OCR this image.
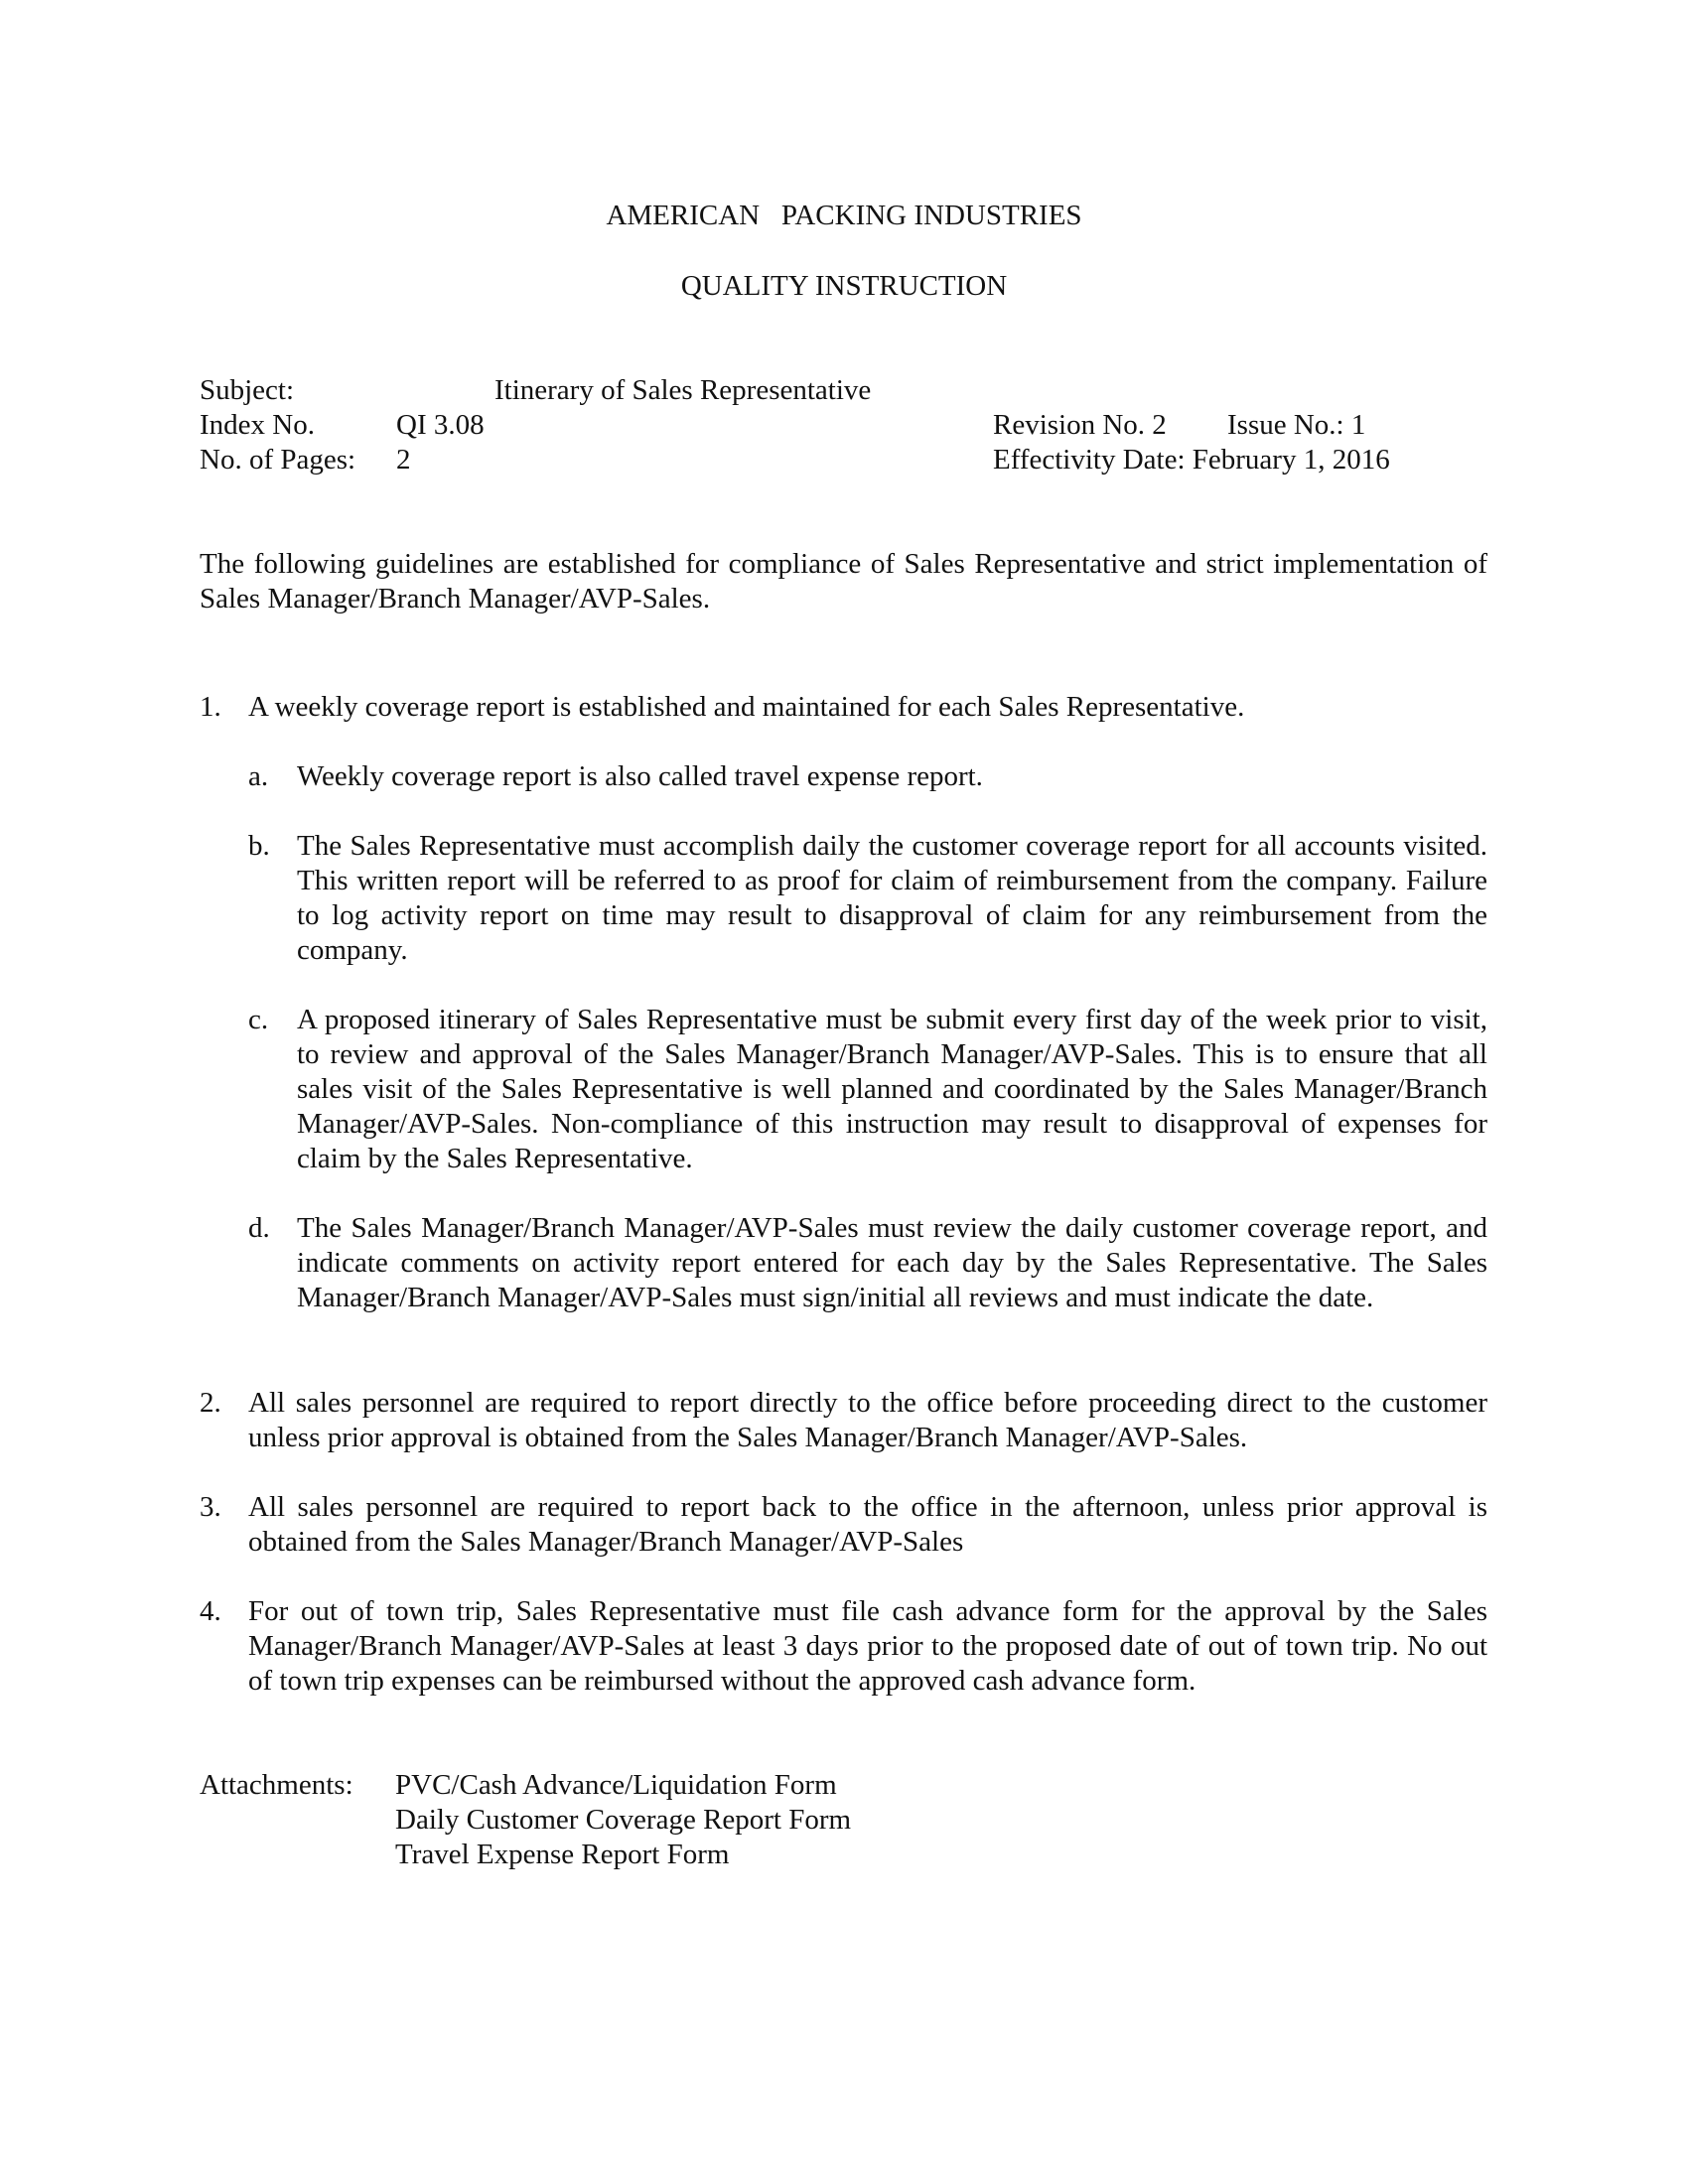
AMERICAN   PACKING INDUSTRIES
QUALITY INSTRUCTION
Subject:	Itinerary of Sales Representative
Index No.	QI 3.08	Revision No. 2 Issue No.: 1
No. of Pages: 2	Effectivity Date: February 1, 2016
The following guidelines are established for compliance of Sales Representative and strict implementation of Sales Manager/Branch Manager/AVP-Sales.
1. A weekly coverage report is established and maintained for each Sales Representative.
a. Weekly coverage report is also called travel expense report.
b. The Sales Representative must accomplish daily the customer coverage report for all accounts visited. This written report will be referred to as proof for claim of reimbursement from the company. Failure to log activity report on time may result to disapproval of claim for any reimbursement from the company.
c. A proposed itinerary of Sales Representative must be submit every first day of the week prior to visit, to review and approval of the Sales Manager/Branch Manager/AVP-Sales. This is to ensure that all sales visit of the Sales Representative is well planned and coordinated by the Sales Manager/Branch Manager/AVP-Sales. Non-compliance of this instruction may result to disapproval of expenses for claim by the Sales Representative.
d. The Sales Manager/Branch Manager/AVP-Sales must review the daily customer coverage report, and indicate comments on activity report entered for each day by the Sales Representative. The Sales Manager/Branch Manager/AVP-Sales must sign/initial all reviews and must indicate the date.
2. All sales personnel are required to report directly to the office before proceeding direct to the customer unless prior approval is obtained from the Sales Manager/Branch Manager/AVP-Sales.
3. All sales personnel are required to report back to the office in the afternoon, unless prior approval is obtained from the Sales Manager/Branch Manager/AVP-Sales
4. For out of town trip, Sales Representative must file cash advance form for the approval by the Sales Manager/Branch Manager/AVP-Sales at least 3 days prior to the proposed date of out of town trip. No out of town trip expenses can be reimbursed without the approved cash advance form.
Attachments: PVC/Cash Advance/Liquidation Form
Daily Customer Coverage Report Form
Travel Expense Report Form
